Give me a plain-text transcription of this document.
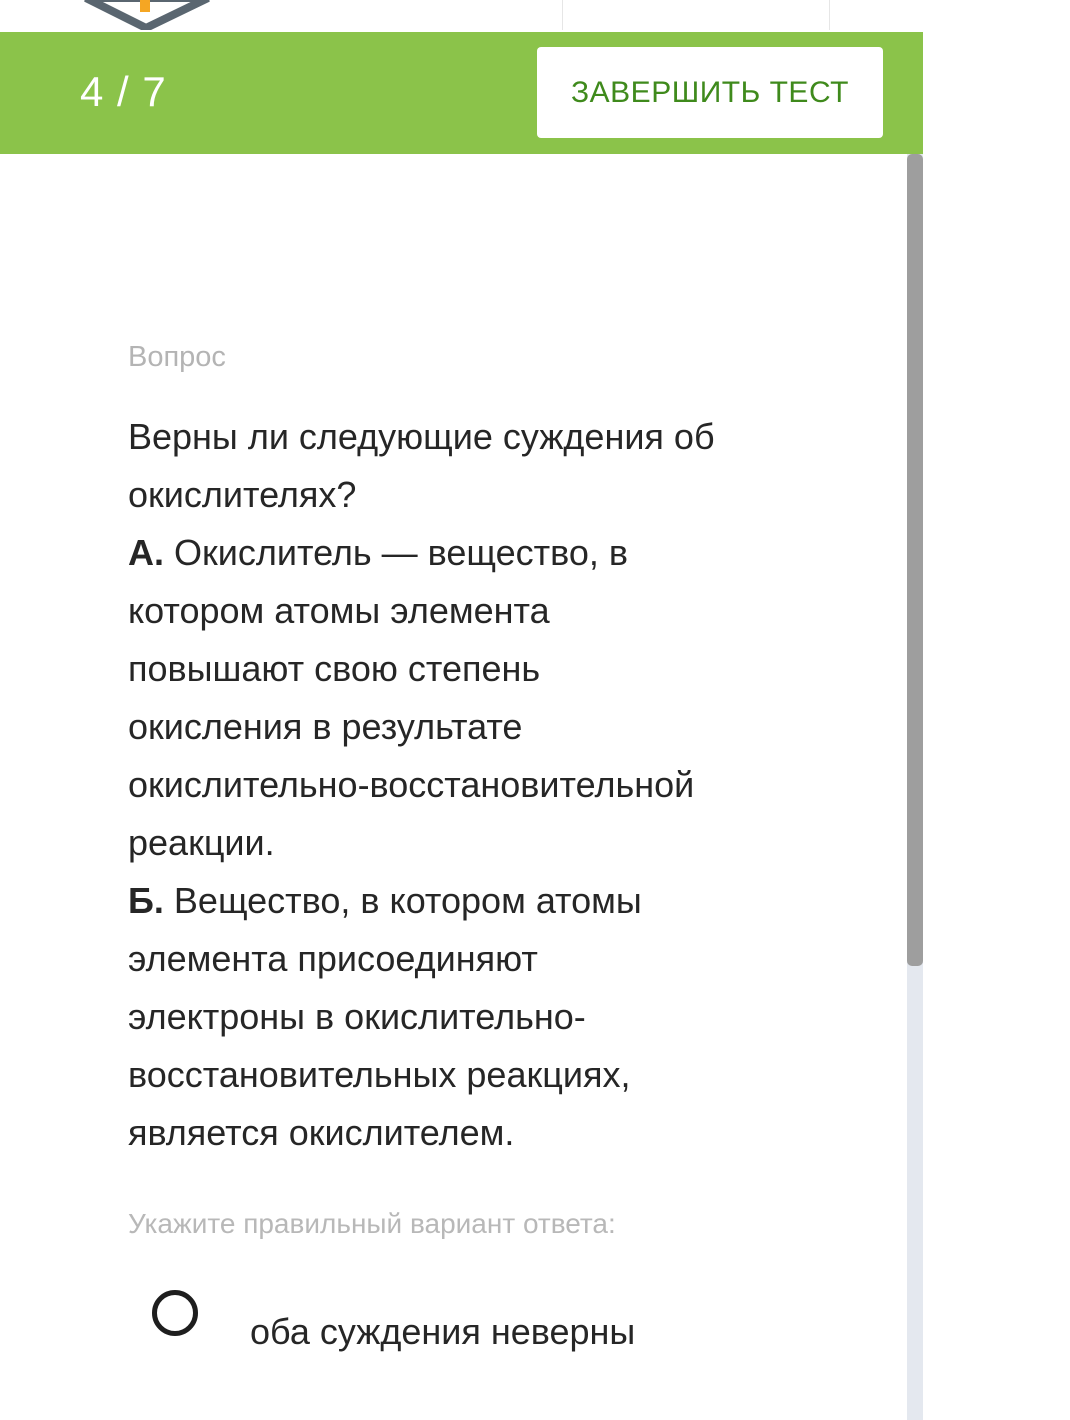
4 / 7	ЗАВЕРШИТЬ ТЕСТ

Вопрос

Верны ли следующие суждения об
окислителях?
А. Окислитель — вещество, в
котором атомы элемента
повышают свою степень
окисления в результате
окислительно-восстановительной
реакции.
Б. Вещество, в котором атомы
элемента присоединяют
электроны в окислительно-
восстановительных реакциях,
является окислителем.
Укажите правильный вариант ответа:
оба суждения неверны
